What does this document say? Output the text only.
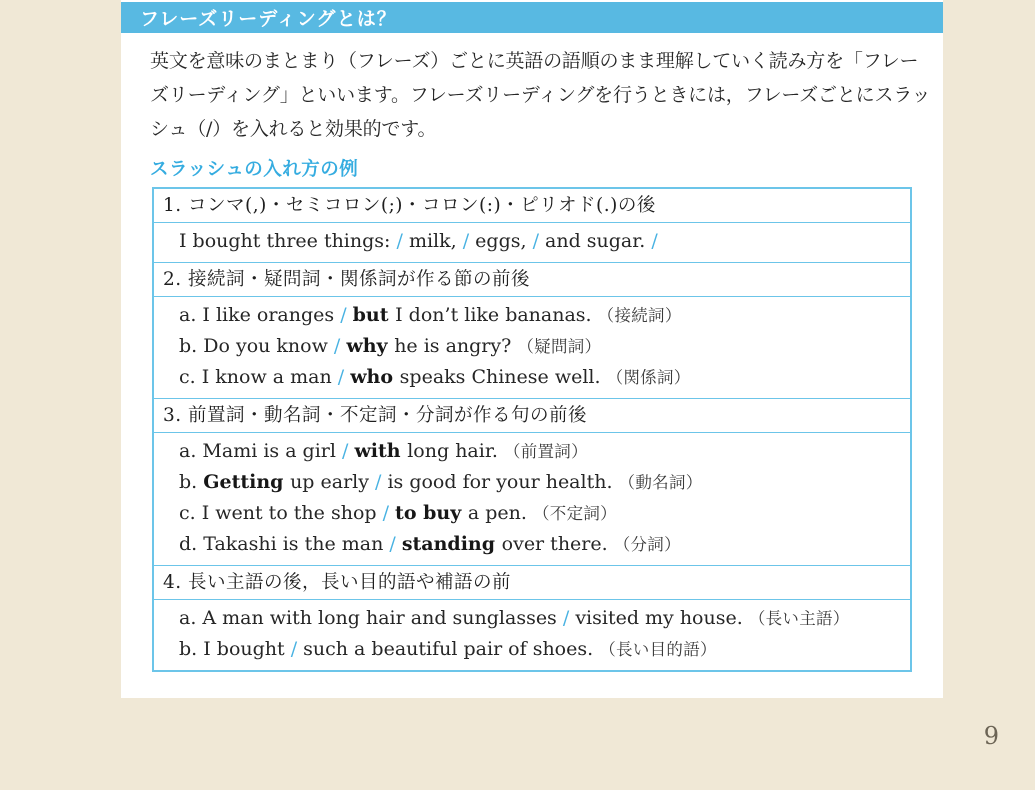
フレーズリーディングとは？
英文を意味のまとまり（フレーズ）ごとに英語の語順のまま理解していく読み方を「フレー
ズリーディング」といいます。フレーズリーディングを行うときには，フレーズごとにスラッ
シュ（/）を入れると効果的です。
スラッシュの入れ方の例
1. コンマ(,)・セミコロン(;)・コロン(:)・ピリオド(.)の後
I bought three things: / milk, / eggs, / and sugar. /
2. 接続詞・疑問詞・関係詞が作る節の前後
a. I like oranges / but I don’t like bananas. （接続詞）
b. Do you know / why he is angry? （疑問詞）
c. I know a man / who speaks Chinese well. （関係詞）
3. 前置詞・動名詞・不定詞・分詞が作る句の前後
a. Mami is a girl / with long hair. （前置詞）
b. Getting up early / is good for your health. （動名詞）
c. I went to the shop / to buy a pen. （不定詞）
d. Takashi is the man / standing over there. （分詞）
4. 長い主語の後，長い目的語や補語の前
a. A man with long hair and sunglasses / visited my house. （長い主語）
b. I bought / such a beautiful pair of shoes. （長い目的語）
9
